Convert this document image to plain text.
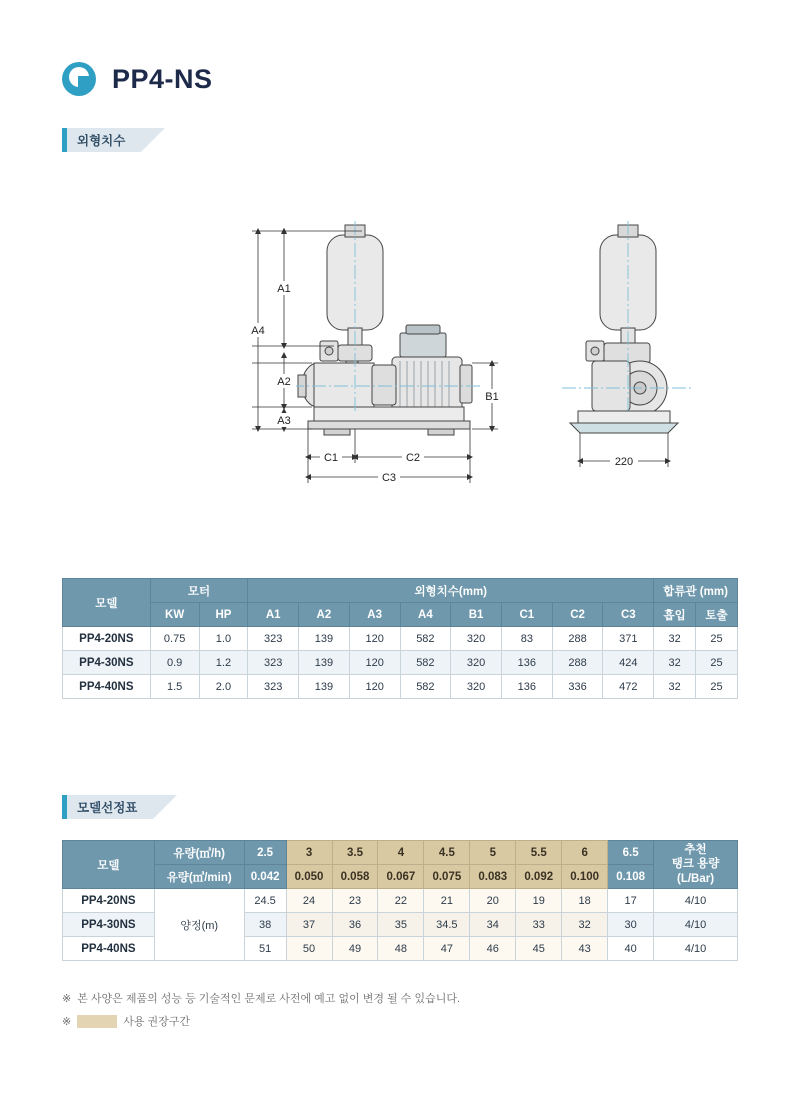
PP4-NS
외형치수
A1
A2
A3
A4
B1
C1	C2
C3
220
모델	모터		외형치수(mm)								합류관 (mm)	
	KW	HP	A1	A2	A3	A4	B1	C1	C2	C3	흡입	토출
PP4-20NS	0.75	1.0	323	139	120	582	320	83	288	371	32	25
PP4-30NS	0.9	1.2	323	139	120	582	320	136	288	424	32	25
PP4-40NS	1.5	2.0	323	139	120	582	320	136	336	472	32	25
모델선정표
모델	유량(㎥/h)	2.5	3	3.5	4	4.5	5	5.5	6	6.5	추천
탱크 용량
(L/Bar)
	유량(㎥/min)	0.042	0.050	0.058	0.067	0.075	0.083	0.092	0.100	0.108	
PP4-20NS	양정(m)	24.5	24	23	22	21	20	19	18	17	4/10
PP4-30NS		38	37	36	35	34.5	34	33	32	30	4/10
PP4-40NS		51	50	49	48	47	46	45	43	40	4/10
※ 본 사양은 제품의 성능 등 기술적인 문제로 사전에 예고 없이 변경 될 수 있습니다.
※	사용 권장구간
